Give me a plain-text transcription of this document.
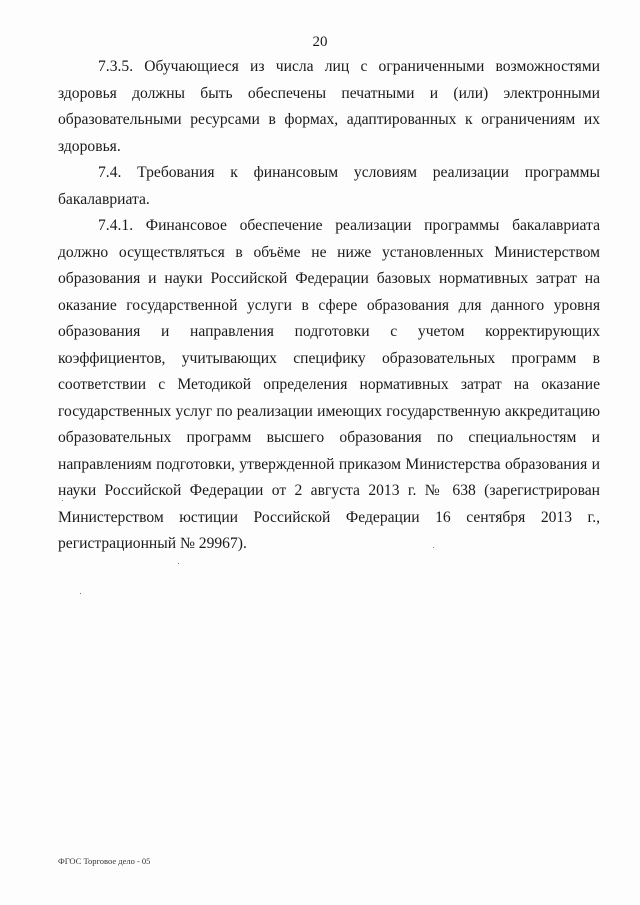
20

7.3.5. Обучающиеся из числа лиц с ограниченными возможностями здоровья должны быть обеспечены печатными и (или) электронными образовательными ресурсами в формах, адаптированных к ограничениям их здоровья.

7.4. Требования к финансовым условиям реализации программы бакалавриата.

7.4.1. Финансовое обеспечение реализации программы бакалавриата должно осуществляться в объёме не ниже установленных Министерством образования и науки Российской Федерации базовых нормативных затрат на оказание государственной услуги в сфере образования для данного уровня образования и направления подготовки с учетом корректирующих коэффициентов, учитывающих специфику образовательных программ в соответствии с Методикой определения нормативных затрат на оказание государственных услуг по реализации имеющих государственную аккредитацию образовательных программ высшего образования по специальностям и направлениям подготовки, утвержденной приказом Министерства образования и науки Российской Федерации от 2 августа 2013 г. № 638 (зарегистрирован Министерством юстиции Российской Федерации 16 сентября 2013 г., регистрационный № 29967).

ФГОС Торговое дело - 05
